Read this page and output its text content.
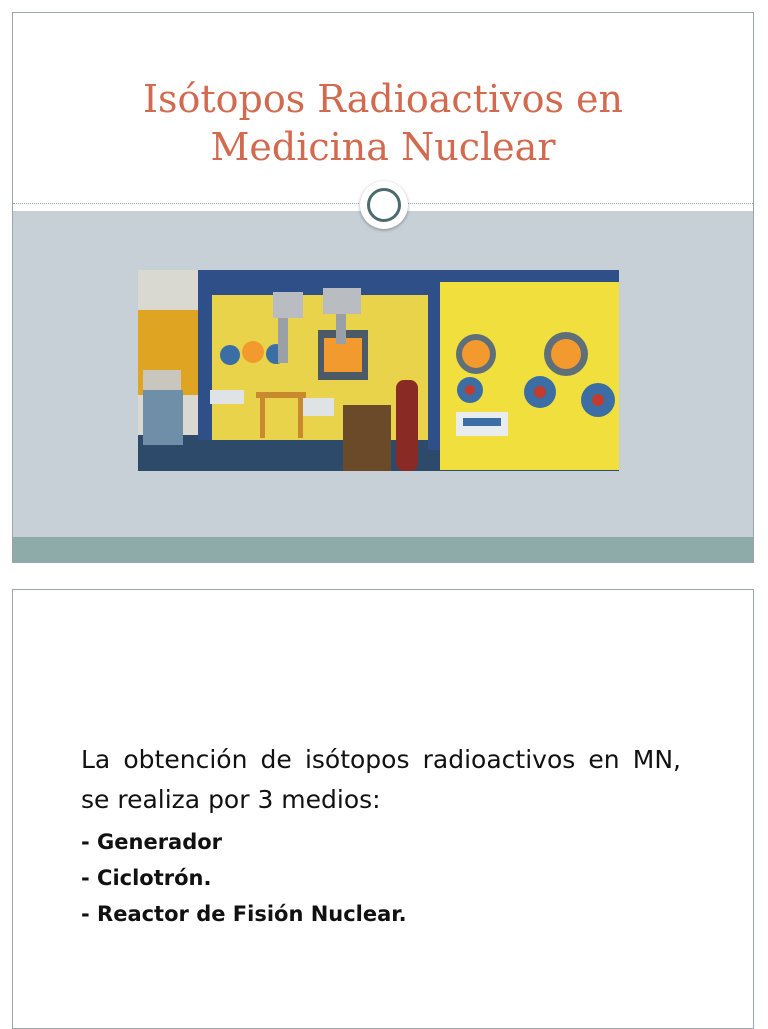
Isótopos Radioactivos en
Medicina Nuclear

La obtención de isótopos radioactivos en MN, se realiza por 3 medios:

- Generador
- Ciclotrón.
- Reactor de Fisión Nuclear.
